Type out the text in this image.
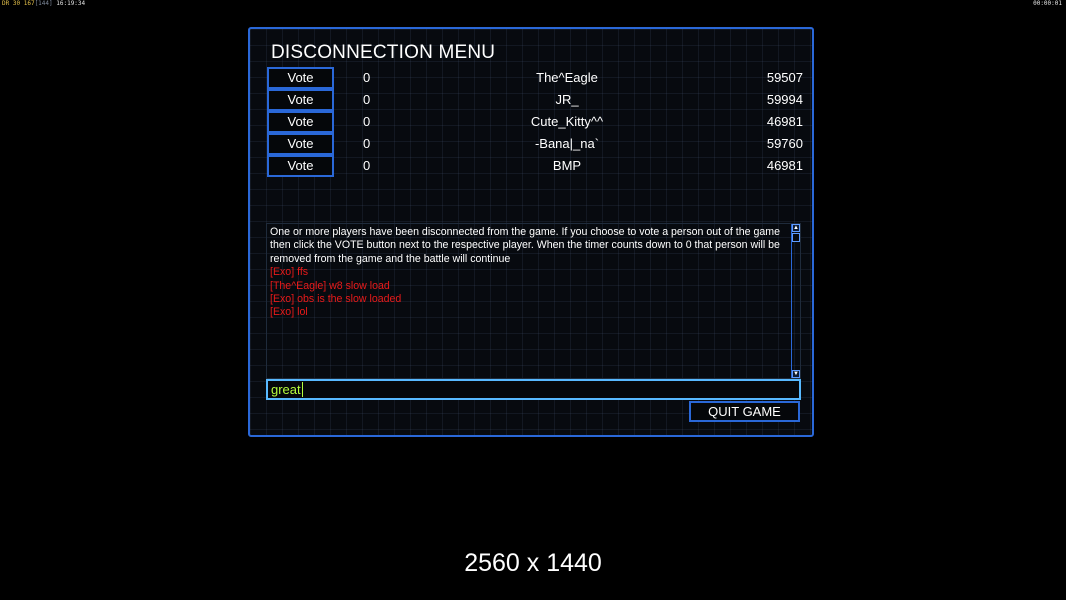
DR 30 167[144] 16:19:34	00:00:01
DISCONNECTION MENU
Vote	0	The^Eagle	59507
Vote	0	JR_	59994
Vote	0	Cute_Kitty^^	46981
Vote	0	-Bana|_na`	59760
Vote	0	BMP	46981
One or more players have been disconnected from the game. If you choose to vote a person out of the game then click the VOTE button next to the respective player. When the timer counts down to 0 that person will be removed from the game and the battle will continue
[Exo] ffs
[The^Eagle] w8 slow load
[Exo] obs is the slow loaded
[Exo] lol
▲
▼
great
QUIT GAME
2560 x 1440
